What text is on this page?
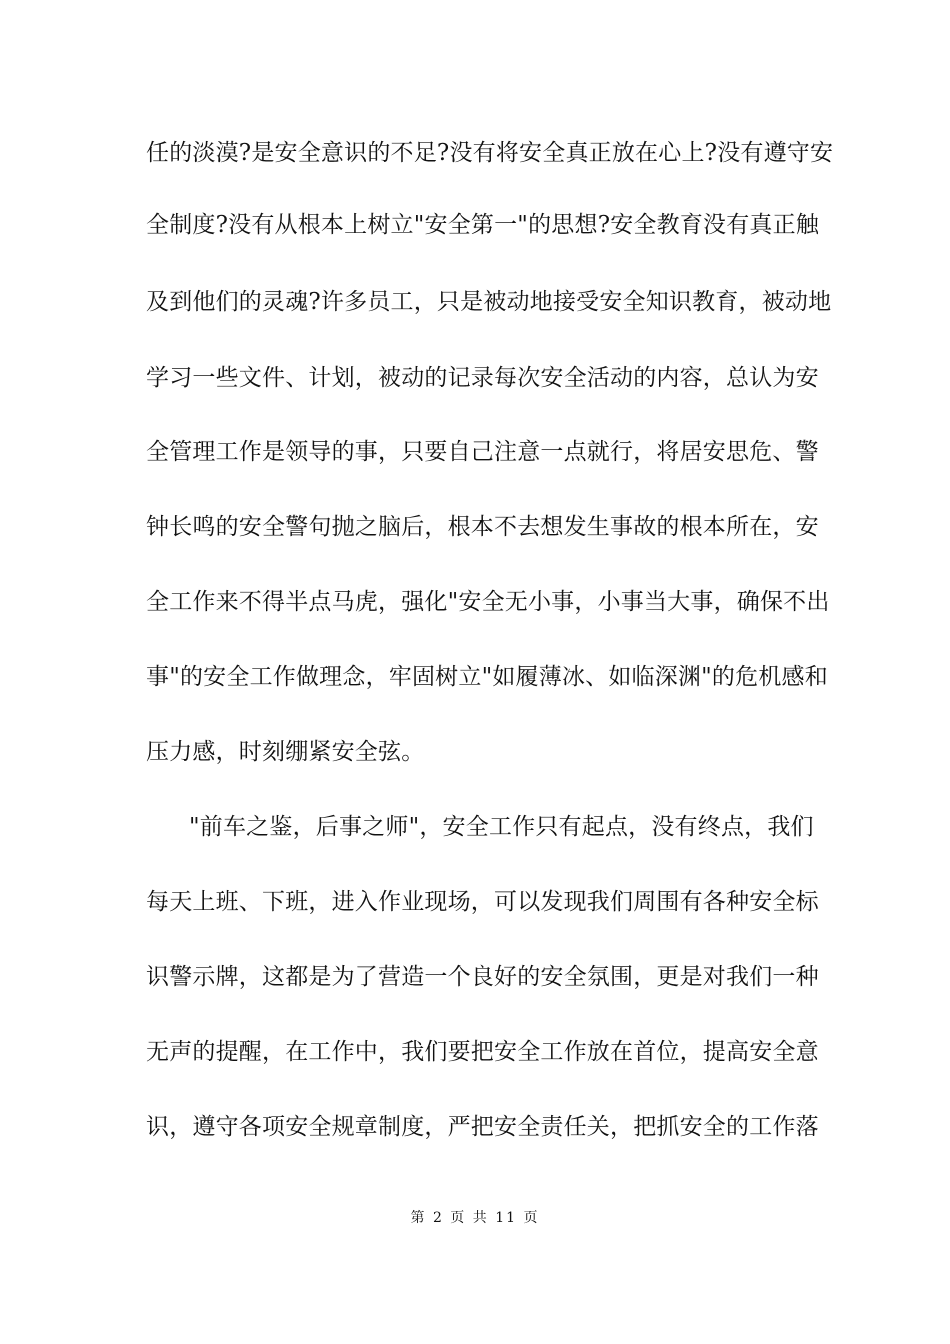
任的淡漠?是安全意识的不足?没有将安全真正放在心上?没有遵守安
全制度?没有从根本上树立"安全第一"的思想?安全教育没有真正触
及到他们的灵魂?许多员工，只是被动地接受安全知识教育，被动地
学习一些文件、计划，被动的记录每次安全活动的内容，总认为安
全管理工作是领导的事，只要自己注意一点就行，将居安思危、警
钟长鸣的安全警句抛之脑后，根本不去想发生事故的根本所在，安
全工作来不得半点马虎，强化"安全无小事，小事当大事，确保不出
事"的安全工作做理念，牢固树立"如履薄冰、如临深渊"的危机感和
压力感，时刻绷紧安全弦。
"前车之鉴，后事之师"，安全工作只有起点，没有终点，我们
每天上班、下班，进入作业现场，可以发现我们周围有各种安全标
识警示牌，这都是为了营造一个良好的安全氛围，更是对我们一种
无声的提醒，在工作中，我们要把安全工作放在首位，提高安全意
识，遵守各项安全规章制度，严把安全责任关，把抓安全的工作落
第 2 页 共 11 页
